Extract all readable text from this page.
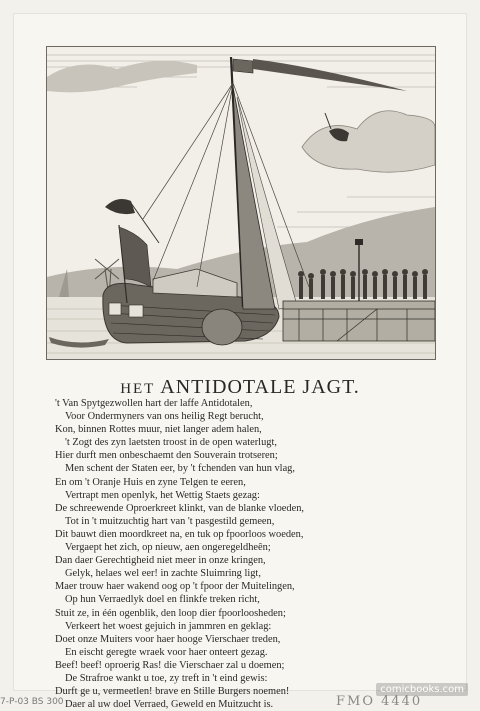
HET ANTIDOTALE JAGT.
't Van Spytgezwollen hart der laffe Antidotalen,
Voor Ondermyners van ons heilig Regt berucht,
Kon, binnen Rottes muur, niet langer adem halen,
't Zogt des zyn laetsten troost in de open waterlugt,
Hier durft men onbeschaemt den Souverain trotseren;
Men schent der Staten eer, by 't fchenden van hun vlag,
En om 't Oranje Huis en zyne Telgen te eeren,
Vertrapt men openlyk, het Wettig Staets gezag:
De schreewende Oproerkreet klinkt, van de blanke vloeden,
Tot in 't muitzuchtig hart van 't pasgestild gemeen,
Dit bauwt dien moordkreet na, en tuk op fpoorloos woeden,
Vergaept het zich, op nieuw, aen ongeregeldheên;
Dan daer Gerechtigheid niet meer in onze kringen,
Gelyk, helaes wel eer! in zachte Sluimring ligt,
Maer trouw haer wakend oog op 't fpoor der Muitelingen,
Op hun Verraedlyk doel en flinkfe treken richt,
Stuit ze, in één ogenblik, den loop dier fpoorloosheden;
Verkeert het woest gejuich in jammren en geklag:
Doet onze Muiters voor haer hooge Vierschaer treden,
En eischt geregte wraek voor haer onteert gezag.
Beef! beef! oproerig Ras! die Vierschaer zal u doemen;
De Strafroe wankt u toe, zy treft in 't eind gewis:
Durft ge u, vermeetlen! brave en Stille Burgers noemen!
Daer al uw doel Verraed, Geweld en Muitzucht is.
comicbooks.com
7-P-03 BS 300	FMO 4440
